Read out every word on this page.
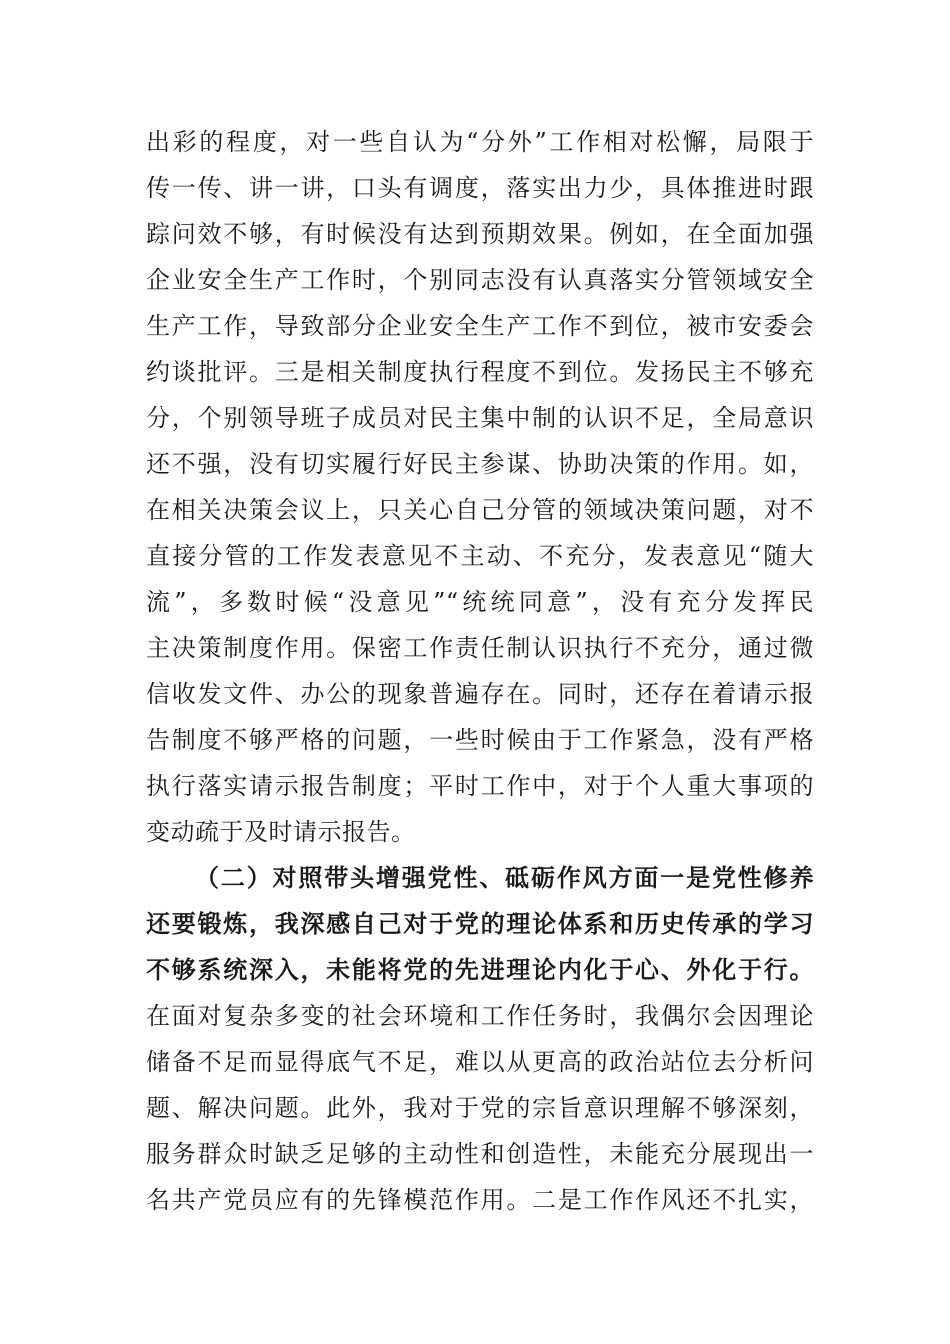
出彩的程度，对一些自认为“分外”工作相对松懈，局限于
传一传、讲一讲，口头有调度，落实出力少，具体推进时跟
踪问效不够，有时候没有达到预期效果。例如，在全面加强
企业安全生产工作时，个别同志没有认真落实分管领域安全
生产工作，导致部分企业安全生产工作不到位，被市安委会
约谈批评。三是相关制度执行程度不到位。发扬民主不够充
分，个别领导班子成员对民主集中制的认识不足，全局意识
还不强，没有切实履行好民主参谋、协助决策的作用。如，
在相关决策会议上，只关心自己分管的领域决策问题，对不
直接分管的工作发表意见不主动、不充分，发表意见“随大
流”，多数时候“没意见”“统统同意”，没有充分发挥民
主决策制度作用。保密工作责任制认识执行不充分，通过微
信收发文件、办公的现象普遍存在。同时，还存在着请示报
告制度不够严格的问题，一些时候由于工作紧急，没有严格
执行落实请示报告制度；平时工作中，对于个人重大事项的
变动疏于及时请示报告。
（二）对照带头增强党性、砥砺作风方面一是党性修养
还要锻炼，我深感自己对于党的理论体系和历史传承的学习
不够系统深入，未能将党的先进理论内化于心、外化于行。
在面对复杂多变的社会环境和工作任务时，我偶尔会因理论
储备不足而显得底气不足，难以从更高的政治站位去分析问
题、解决问题。此外，我对于党的宗旨意识理解不够深刻，
服务群众时缺乏足够的主动性和创造性，未能充分展现出一
名共产党员应有的先锋模范作用。二是工作作风还不扎实，
